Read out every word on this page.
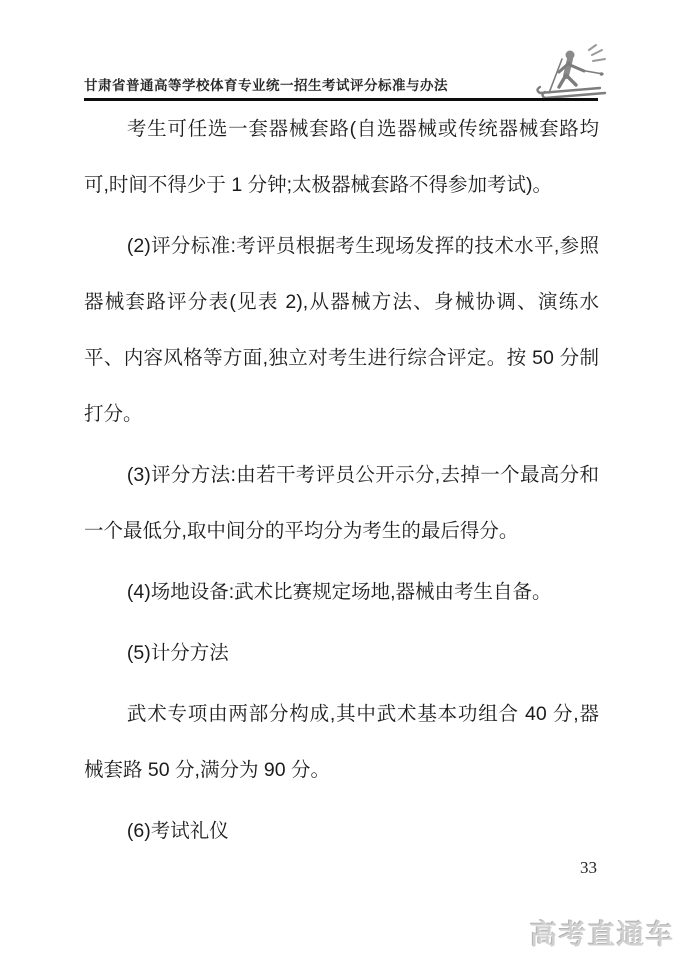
甘肃省普通高等学校体育专业统一招生考试评分标准与办法

考生可任选一套器械套路(自选器械或传统器械套路均可,时间不得少于 1 分钟;太极器械套路不得参加考试)。

(2)评分标准:考评员根据考生现场发挥的技术水平,参照器械套路评分表(见表 2),从器械方法、身械协调、演练水平、内容风格等方面,独立对考生进行综合评定。按 50 分制打分。

(3)评分方法:由若干考评员公开示分,去掉一个最高分和一个最低分,取中间分的平均分为考生的最后得分。

(4)场地设备:武术比赛规定场地,器械由考生自备。

(5)计分方法

武术专项由两部分构成,其中武术基本功组合 40 分,器械套路 50 分,满分为 90 分。

(6)考试礼仪

33
高考直通车
